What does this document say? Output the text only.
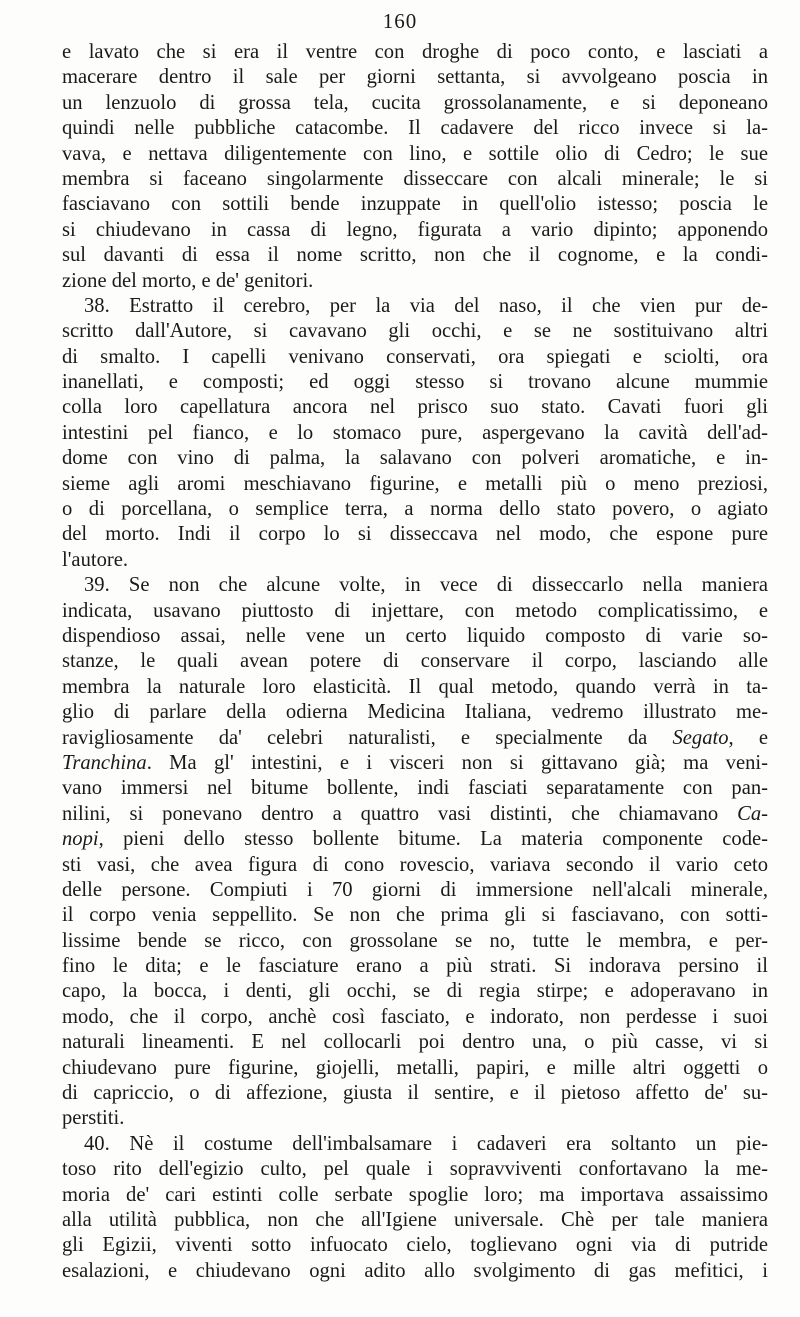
160
e lavato che si era il ventre con droghe di poco conto, e lasciati a
macerare dentro il sale per giorni settanta, si avvolgeano poscia in
un lenzuolo di grossa tela, cucita grossolanamente, e si deponeano
quindi nelle pubbliche catacombe. Il cadavere del ricco invece si la-
vava, e nettava diligentemente con lino, e sottile olio di Cedro; le sue
membra si faceano singolarmente disseccare con alcali minerale; le si
fasciavano con sottili bende inzuppate in quell'olio istesso; poscia le
si chiudevano in cassa di legno, figurata a vario dipinto; apponendo
sul davanti di essa il nome scritto, non che il cognome, e la condi-
zione del morto, e de' genitori.
38. Estratto il cerebro, per la via del naso, il che vien pur de-
scritto dall'Autore, si cavavano gli occhi, e se ne sostituivano altri
di smalto. I capelli venivano conservati, ora spiegati e sciolti, ora
inanellati, e composti; ed oggi stesso si trovano alcune mummie
colla loro capellatura ancora nel prisco suo stato. Cavati fuori gli
intestini pel fianco, e lo stomaco pure, aspergevano la cavità dell'ad-
dome con vino di palma, la salavano con polveri aromatiche, e in-
sieme agli aromi meschiavano figurine, e metalli più o meno preziosi,
o di porcellana, o semplice terra, a norma dello stato povero, o agiato
del morto. Indi il corpo lo si disseccava nel modo, che espone pure
l'autore.
39. Se non che alcune volte, in vece di disseccarlo nella maniera
indicata, usavano piuttosto di injettare, con metodo complicatissimo, e
dispendioso assai, nelle vene un certo liquido composto di varie so-
stanze, le quali avean potere di conservare il corpo, lasciando alle
membra la naturale loro elasticità. Il qual metodo, quando verrà in ta-
glio di parlare della odierna Medicina Italiana, vedremo illustrato me-
ravigliosamente da' celebri naturalisti, e specialmente da Segato, e
Tranchina. Ma gl' intestini, e i visceri non si gittavano già; ma veni-
vano immersi nel bitume bollente, indi fasciati separatamente con pan-
nilini, si ponevano dentro a quattro vasi distinti, che chiamavano Ca-
nopi, pieni dello stesso bollente bitume. La materia componente code-
sti vasi, che avea figura di cono rovescio, variava secondo il vario ceto
delle persone. Compiuti i 70 giorni di immersione nell'alcali minerale,
il corpo venia seppellito. Se non che prima gli si fasciavano, con sotti-
lissime bende se ricco, con grossolane se no, tutte le membra, e per-
fino le dita; e le fasciature erano a più strati. Si indorava persino il
capo, la bocca, i denti, gli occhi, se di regia stirpe; e adoperavano in
modo, che il corpo, anchè così fasciato, e indorato, non perdesse i suoi
naturali lineamenti. E nel collocarli poi dentro una, o più casse, vi si
chiudevano pure figurine, giojelli, metalli, papiri, e mille altri oggetti o
di capriccio, o di affezione, giusta il sentire, e il pietoso affetto de' su-
perstiti.
40. Nè il costume dell'imbalsamare i cadaveri era soltanto un pie-
toso rito dell'egizio culto, pel quale i sopravviventi confortavano la me-
moria de' cari estinti colle serbate spoglie loro; ma importava assaissimo
alla utilità pubblica, non che all'Igiene universale. Chè per tale maniera
gli Egizii, viventi sotto infuocato cielo, toglievano ogni via di putride
esalazioni, e chiudevano ogni adito allo svolgimento di gas mefitici, i
